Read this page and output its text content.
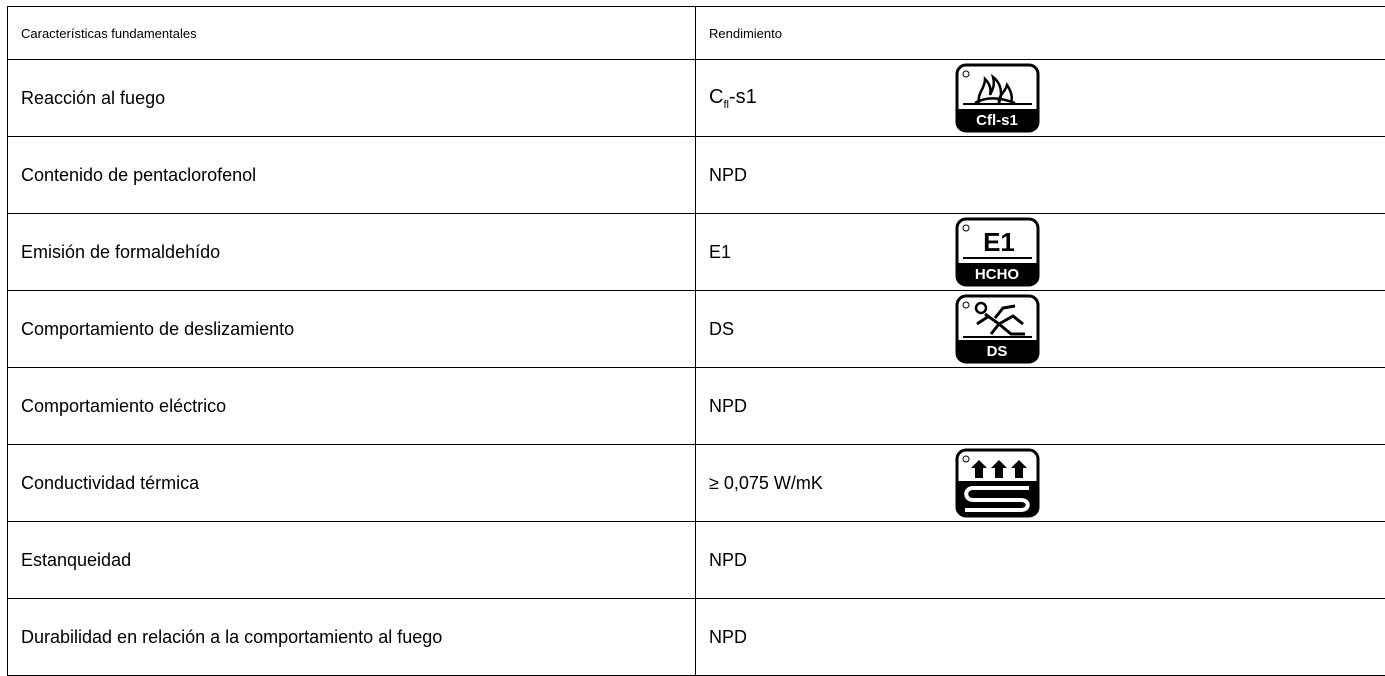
Características fundamentales	Rendimiento
Reacción al fuego	$C_{fl}-s1$
Cfl-s1

Contenido de pentaclorofenol	NPD
Emisión de formaldehído	E1 E1
HCHO

Comportamiento de deslizamiento	DS
DS

Comportamiento eléctrico	NPD
Conductividad térmica	≥ 0,075 W/mK

Estanqueidad	NPD
Durabilidad en relación a la comportamiento al fuego	NPD
